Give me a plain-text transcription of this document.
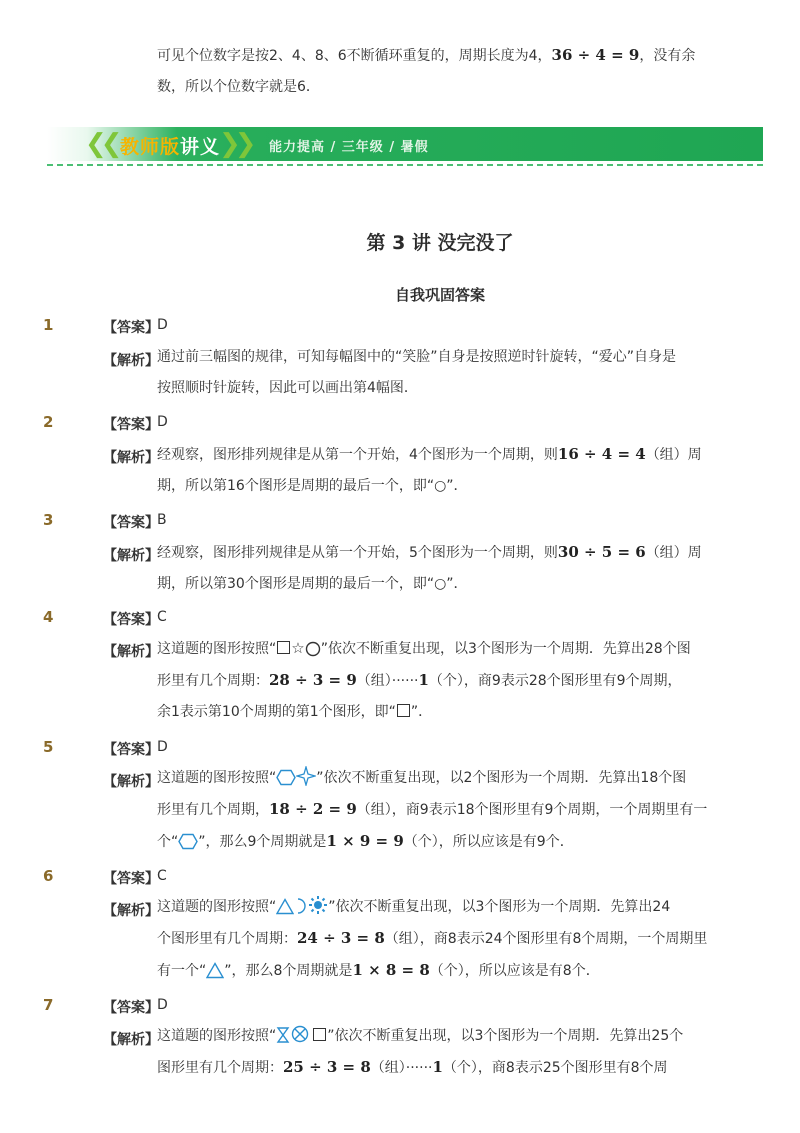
可见个位数字是按2、4、8、6不断循环重复的，周期长度为4，36 ÷ 4 = 9，没有余

数，所以个位数字就是6．

❮❮ 教师版讲义
❯❯ 能力提高 / 三年级 / 暑假
第 3 讲 没完没了
自我巩固答案
1	【答案】
D
【解析】

通过前三幅图的规律，可知每幅图中的“笑脸”自身是按照逆时针旋转，“爱心”自身是

按照顺时针旋转，因此可以画出第4幅图．

2	【答案】
D
【解析】

经观察，图形排列规律是从第一个开始，4个图形为一个周期，则16 ÷ 4 = 4（组）周

期，所以第16个图形是周期的最后一个，即“○”．

3	【答案】
B
【解析】

经观察，图形排列规律是从第一个开始，5个图形为一个周期，则30 ÷ 5 = 6（组）周

期，所以第30个图形是周期的最后一个，即“○”．

4	【答案】
C
【解析】

这道题的图形按照“ ☆ ”依次不断重复出现，以3个图形为一个周期．先算出28个图

形里有几个周期：28 ÷ 3 = 9（组）······1（个），商9表示28个图形里有9个周期，

余1表示第10个周期的第1个图形，即“ ”．

5	【答案】
D
【解析】

这道题的图形按照“	”依次不断重复出现，以2个图形为一个周期．先算出18个图

形里有几个周期，18 ÷ 2 = 9（组），商9表示18个图形里有9个周期，一个周期里有一

个“ ”，那么9个周期就是1 × 9 = 9（个），所以应该是有9个．

6	【答案】
C
【解析】

这道题的图形按照“	”依次不断重复出现，以3个图形为一个周期．先算出24

个图形里有几个周期：24 ÷ 3 = 8（组），商8表示24个图形里有8个周期，一个周期里

有一个“ ”，那么8个周期就是1 × 8 = 8（个），所以应该是有8个．

7	【答案】
D
【解析】

这道题的图形按照“	”依次不断重复出现，以3个图形为一个周期．先算出25个

图形里有几个周期：25 ÷ 3 = 8（组）······1（个），商8表示25个图形里有8个周
